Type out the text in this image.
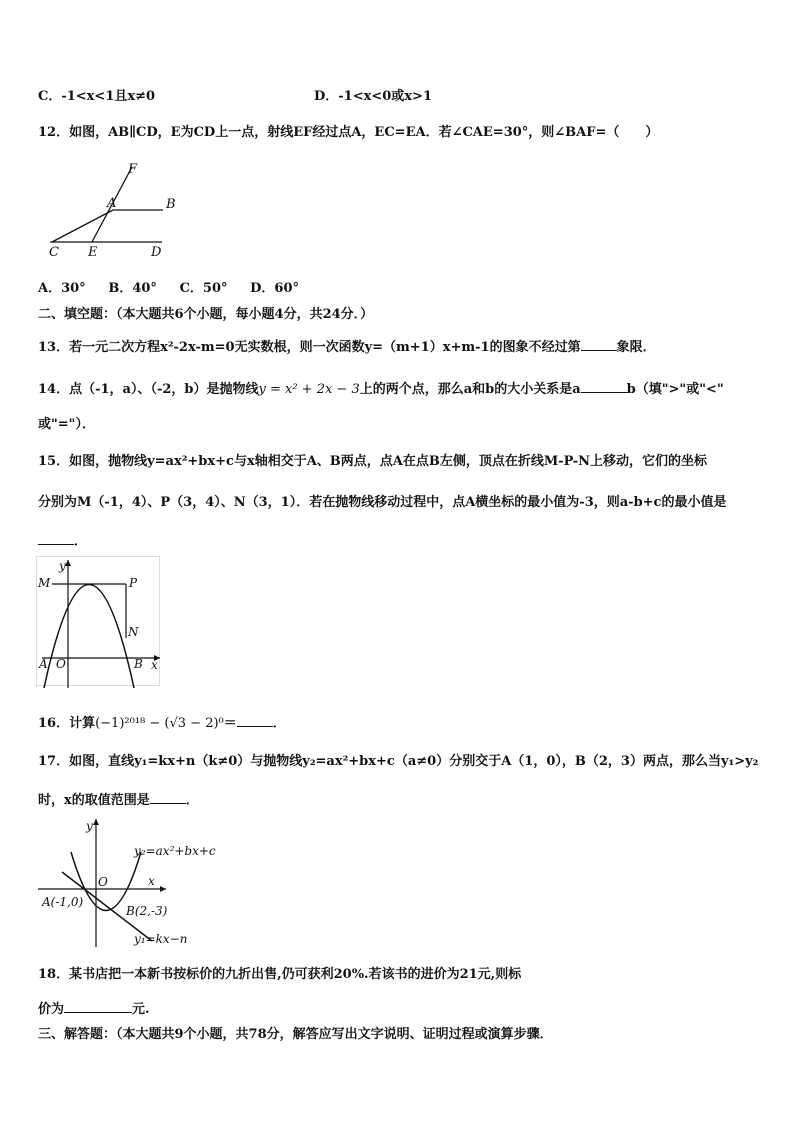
C．-1<x<1且x≠0	D．-1<x<0或x>1
12．如图，AB∥CD，E为CD上一点，射线EF经过点A，EC=EA．若∠CAE=30°，则∠BAF=（　　）
F
A	B
C E	D
A．30° B．40° C．50° D．60°
二、填空题：（本大题共6个小题，每小题4分，共24分．）
13．若一元二次方程x²-2x-m=0无实数根，则一次函数y=（m+1）x+m-1的图象不经过第	象限．
14．点（-1，a）、（-2，b）是抛物线y = x² + 2x − 3上的两个点，那么a和b的大小关系是a	b（填">"或"<"
或"="）．
15．如图，抛物线y=ax²+bx+c与x轴相交于A、B两点，点A在点B左侧，顶点在折线M-P-N上移动，它们的坐标
分别为M（-1，4）、P（3，4）、N（3，1）．若在抛物线移动过程中，点A横坐标的最小值为-3，则a-b+c的最小值是
．
y
M	P
N
A O	B x
16．计算(−1)²⁰¹⁸ − (√3 − 2)⁰＝	．
17．如图，直线y₁=kx+n（k≠0）与抛物线y₂=ax²+bx+c（a≠0）分别交于A（1，0），B（2，3）两点，那么当y₁>y₂
时，x的取值范围是	．
y
y₂=ax²+bx+c
O	x
A(-1,0)
B(2,-3)
y₁=kx−n
18．某书店把一本新书按标价的九折出售,仍可获利20%.若该书的进价为21元,则标
价为	元.
三、解答题：（本大题共9个小题，共78分，解答应写出文字说明、证明过程或演算步骤．
